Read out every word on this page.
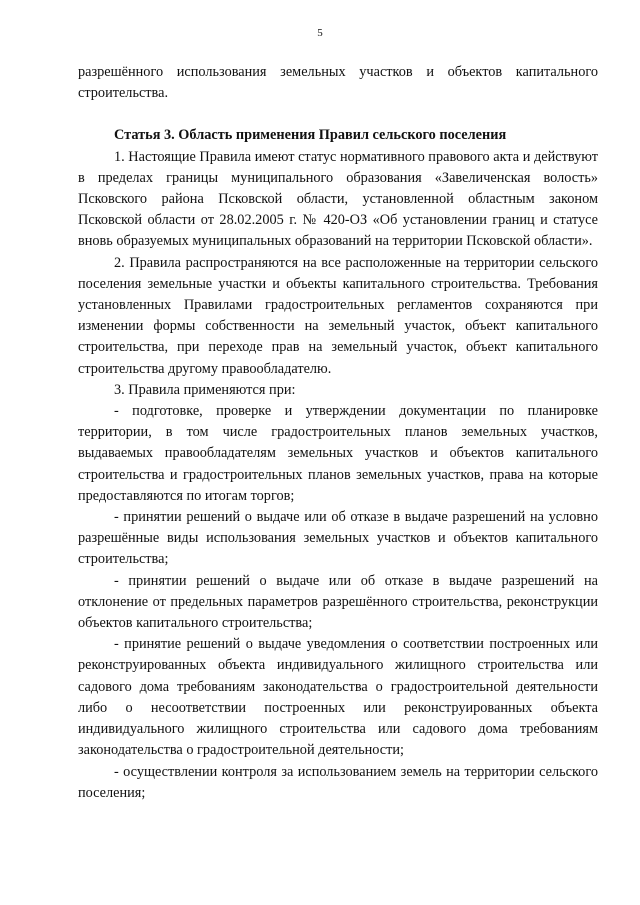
5

разрешённого использования земельных участков и объектов капитального строительства.

Статья 3. Область применения Правил сельского поселения

1. Настоящие Правила имеют статус нормативного правового акта и действуют в пределах границы муниципального образования «Завеличенская волость» Псковского района Псковской области, установленной областным законом Псковской области от 28.02.2005 г. № 420-ОЗ «Об установлении границ и статусе вновь образуемых муниципальных образований на территории Псковской области».

2. Правила распространяются на все расположенные на территории сельского поселения земельные участки и объекты капитального строительства. Требования установленных Правилами градостроительных регламентов сохраняются при изменении формы собственности на земельный участок, объект капитального строительства, при переходе прав на земельный участок, объект капитального строительства другому правообладателю.

3. Правила применяются при:

- подготовке, проверке и утверждении документации по планировке территории, в том числе градостроительных планов земельных участков, выдаваемых правообладателям земельных участков и объектов капитального строительства и градостроительных планов земельных участков, права на которые предоставляются по итогам торгов;

- принятии решений о выдаче или об отказе в выдаче разрешений на условно разрешённые виды использования земельных участков и объектов капитального строительства;

- принятии решений о выдаче или об отказе в выдаче разрешений на отклонение от предельных параметров разрешённого строительства, реконструкции объектов капитального строительства;

- принятие решений о выдаче уведомления о соответствии построенных или реконструированных объекта индивидуального жилищного строительства или садового дома требованиям законодательства о градостроительной деятельности либо о несоответствии построенных или реконструированных объекта индивидуального жилищного строительства или садового дома требованиям законодательства о градостроительной деятельности;

- осуществлении контроля за использованием земель на территории сельского поселения;
